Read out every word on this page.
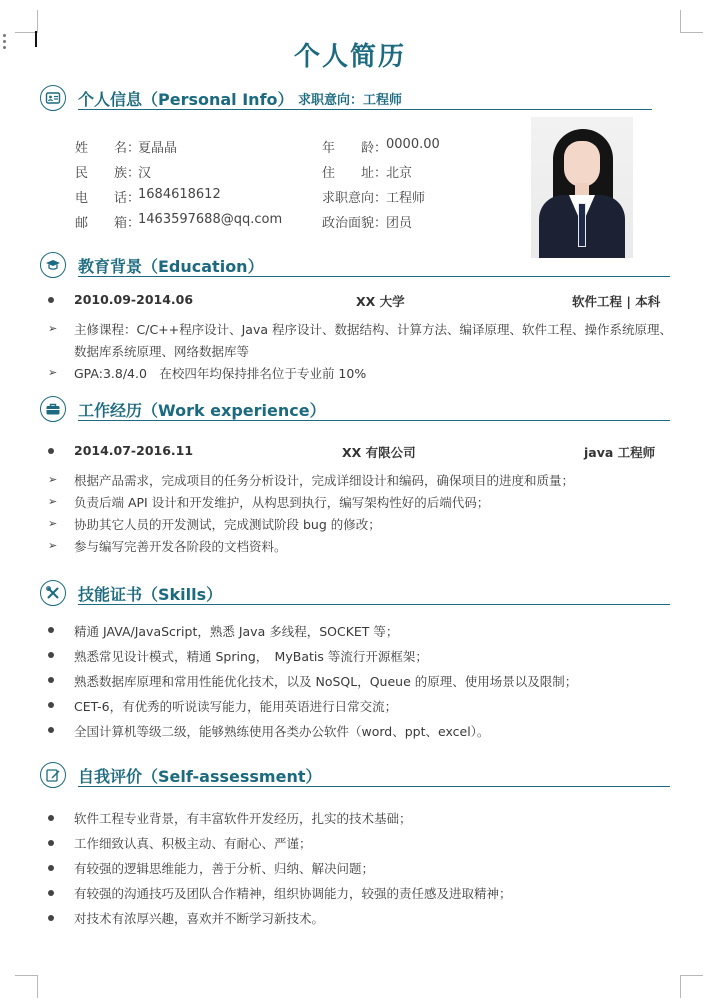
个人简历
个人信息（Personal Info） 求职意向：工程师
姓　　名：
夏晶晶	年　　龄：
0000.00
民　　族：
汉	住　　址：
北京
电　　话：
1684618612	求职意向：
工程师
邮　　箱：
1463597688@qq.com	政治面貌：
团员
教育背景（Education）
2010.09-2014.06	XX 大学	软件工程 | 本科
➢ 主修课程：C/C++程序设计、Java 程序设计、数据结构、计算方法、编译原理、软件工程、操作系统原理、
数据库系统原理、网络数据库等
➢ GPA:3.8/4.0　在校四年均保持排名位于专业前 10%
工作经历（Work experience）
2014.07-2016.11	XX 有限公司	java 工程师
➢ 根据产品需求，完成项目的任务分析设计，完成详细设计和编码，确保项目的进度和质量；
➢ 负责后端 API 设计和开发维护，从构思到执行，编写架构性好的后端代码；
➢ 协助其它人员的开发测试，完成测试阶段 bug 的修改；
➢ 参与编写完善开发各阶段的文档资料。
技能证书（Skills）
精通 JAVA/JavaScript，熟悉 Java 多线程，SOCKET 等；
熟悉常见设计模式，精通 Spring，　MyBatis 等流行开源框架；
熟悉数据库原理和常用性能优化技术，以及 NoSQL，Queue 的原理、使用场景以及限制；
CET-6，有优秀的听说读写能力，能用英语进行日常交流；
全国计算机等级二级，能够熟练使用各类办公软件（word、ppt、excel）。
自我评价（Self-assessment）
软件工程专业背景，有丰富软件开发经历，扎实的技术基础；
工作细致认真、积极主动、有耐心、严谨；
有较强的逻辑思维能力，善于分析、归纳、解决问题；
有较强的沟通技巧及团队合作精神，组织协调能力，较强的责任感及进取精神；
对技术有浓厚兴趣，喜欢并不断学习新技术。
